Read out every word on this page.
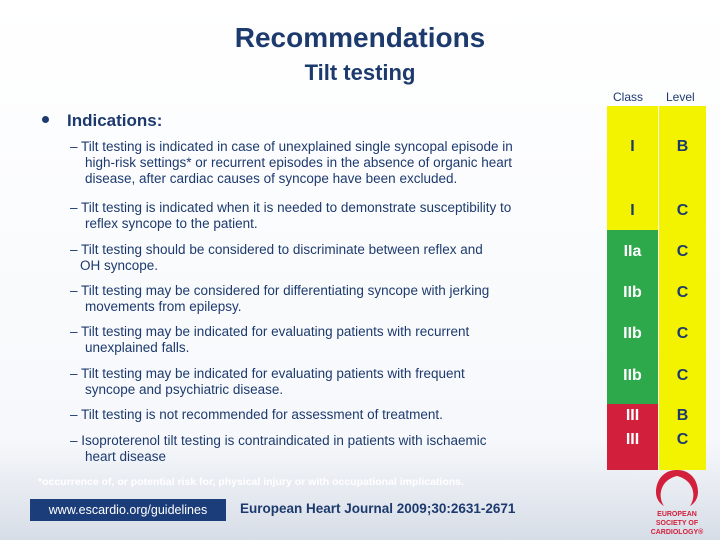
Recommendations
Tilt testing
Class Level
I	B
I	C
IIa	C
IIb	C
IIb	C
IIb	C
III	B
III	C
Indications:
– Tilt testing is indicated in case of unexplained single syncopal episode in
high-risk settings* or recurrent episodes in the absence of organic heart
disease, after cardiac causes of syncope have been excluded.
– Tilt testing is indicated when it is needed to demonstrate susceptibility to
reflex syncope to the patient.
– Tilt testing should be considered to discriminate between reflex and
OH syncope.
– Tilt testing may be considered for differentiating syncope with jerking
movements from epilepsy.
– Tilt testing may be indicated for evaluating patients with recurrent
unexplained falls.
– Tilt testing may be indicated for evaluating patients with frequent
syncope and psychiatric disease.
– Tilt testing is not recommended for assessment of treatment.
– Isoproterenol tilt testing is contraindicated in patients with ischaemic
heart disease
*occurrence of, or potential risk for, physical injury or with occupational implications.
www.escardio.org/guidelines	European Heart Journal 2009;30:2631-2671	EUROPEAN
SOCIETY OF
CARDIOLOGY®
